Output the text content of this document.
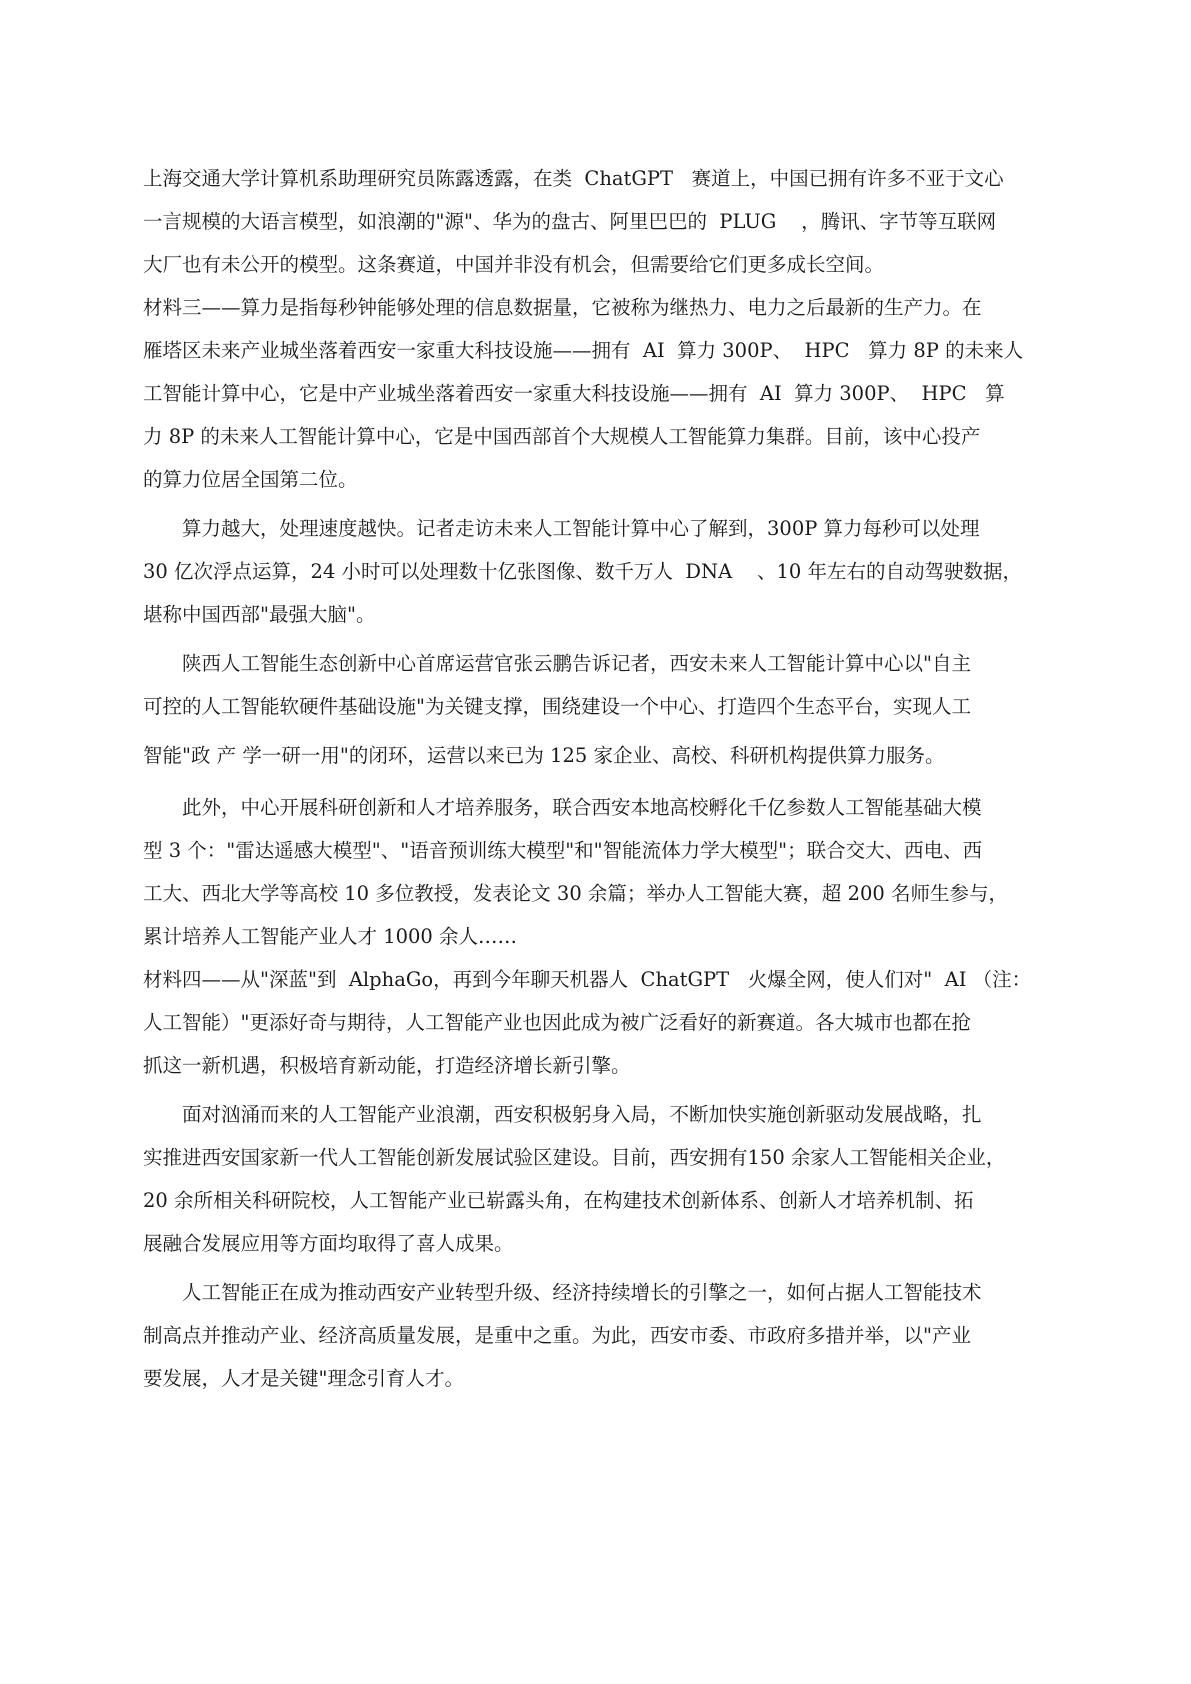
上海交通大学计算机系助理研究员陈露透露，在类  ChatGPT   赛道上，中国已拥有许多不亚于文心
一言规模的大语言模型，如浪潮的"源"、华为的盘古、阿里巴巴的  PLUG    ，腾讯、字节等互联网
大厂也有未公开的模型。这条赛道，中国并非没有机会，但需要给它们更多成长空间。
材料三——算力是指每秒钟能够处理的信息数据量，它被称为继热力、电力之后最新的生产力。在
雁塔区未来产业城坐落着西安一家重大科技设施——拥有  AI  算力 300P、  HPC   算力 8P 的未来人
工智能计算中心，它是中产业城坐落着西安一家重大科技设施——拥有  AI  算力 300P、  HPC   算
力 8P 的未来人工智能计算中心，它是中国西部首个大规模人工智能算力集群。目前，该中心投产
的算力位居全国第二位。
算力越大，处理速度越快。记者走访未来人工智能计算中心了解到，300P 算力每秒可以处理
30 亿次浮点运算，24 小时可以处理数十亿张图像、数千万人  DNA    、10 年左右的自动驾驶数据，
堪称中国西部"最强大脑"。
陕西人工智能生态创新中心首席运营官张云鹏告诉记者，西安未来人工智能计算中心以"自主
可控的人工智能软硬件基础设施"为关键支撑，围绕建设一个中心、打造四个生态平台，实现人工
智能"政 产 学一研一用"的闭环，运营以来已为 125 家企业、高校、科研机构提供算力服务。
此外，中心开展科研创新和人才培养服务，联合西安本地高校孵化千亿参数人工智能基础大模
型 3 个："雷达遥感大模型"、"语音预训练大模型"和"智能流体力学大模型"；联合交大、西电、西
工大、西北大学等高校 10 多位教授，发表论文 30 余篇；举办人工智能大赛，超 200 名师生参与，
累计培养人工智能产业人才 1000 余人……
材料四——从"深蓝"到  AlphaGo，再到今年聊天机器人  ChatGPT   火爆全网，使人们对"  AI （注：
人工智能）"更添好奇与期待，人工智能产业也因此成为被广泛看好的新赛道。各大城市也都在抢
抓这一新机遇，积极培育新动能，打造经济增长新引擎。
面对汹涌而来的人工智能产业浪潮，西安积极躬身入局，不断加快实施创新驱动发展战略，扎
实推进西安国家新一代人工智能创新发展试验区建设。目前，西安拥有150 余家人工智能相关企业，
20 余所相关科研院校，人工智能产业已崭露头角，在构建技术创新体系、创新人才培养机制、拓
展融合发展应用等方面均取得了喜人成果。
人工智能正在成为推动西安产业转型升级、经济持续增长的引擎之一，如何占据人工智能技术
制高点并推动产业、经济高质量发展，是重中之重。为此，西安市委、市政府多措并举，以"产业
要发展，人才是关键"理念引育人才。
